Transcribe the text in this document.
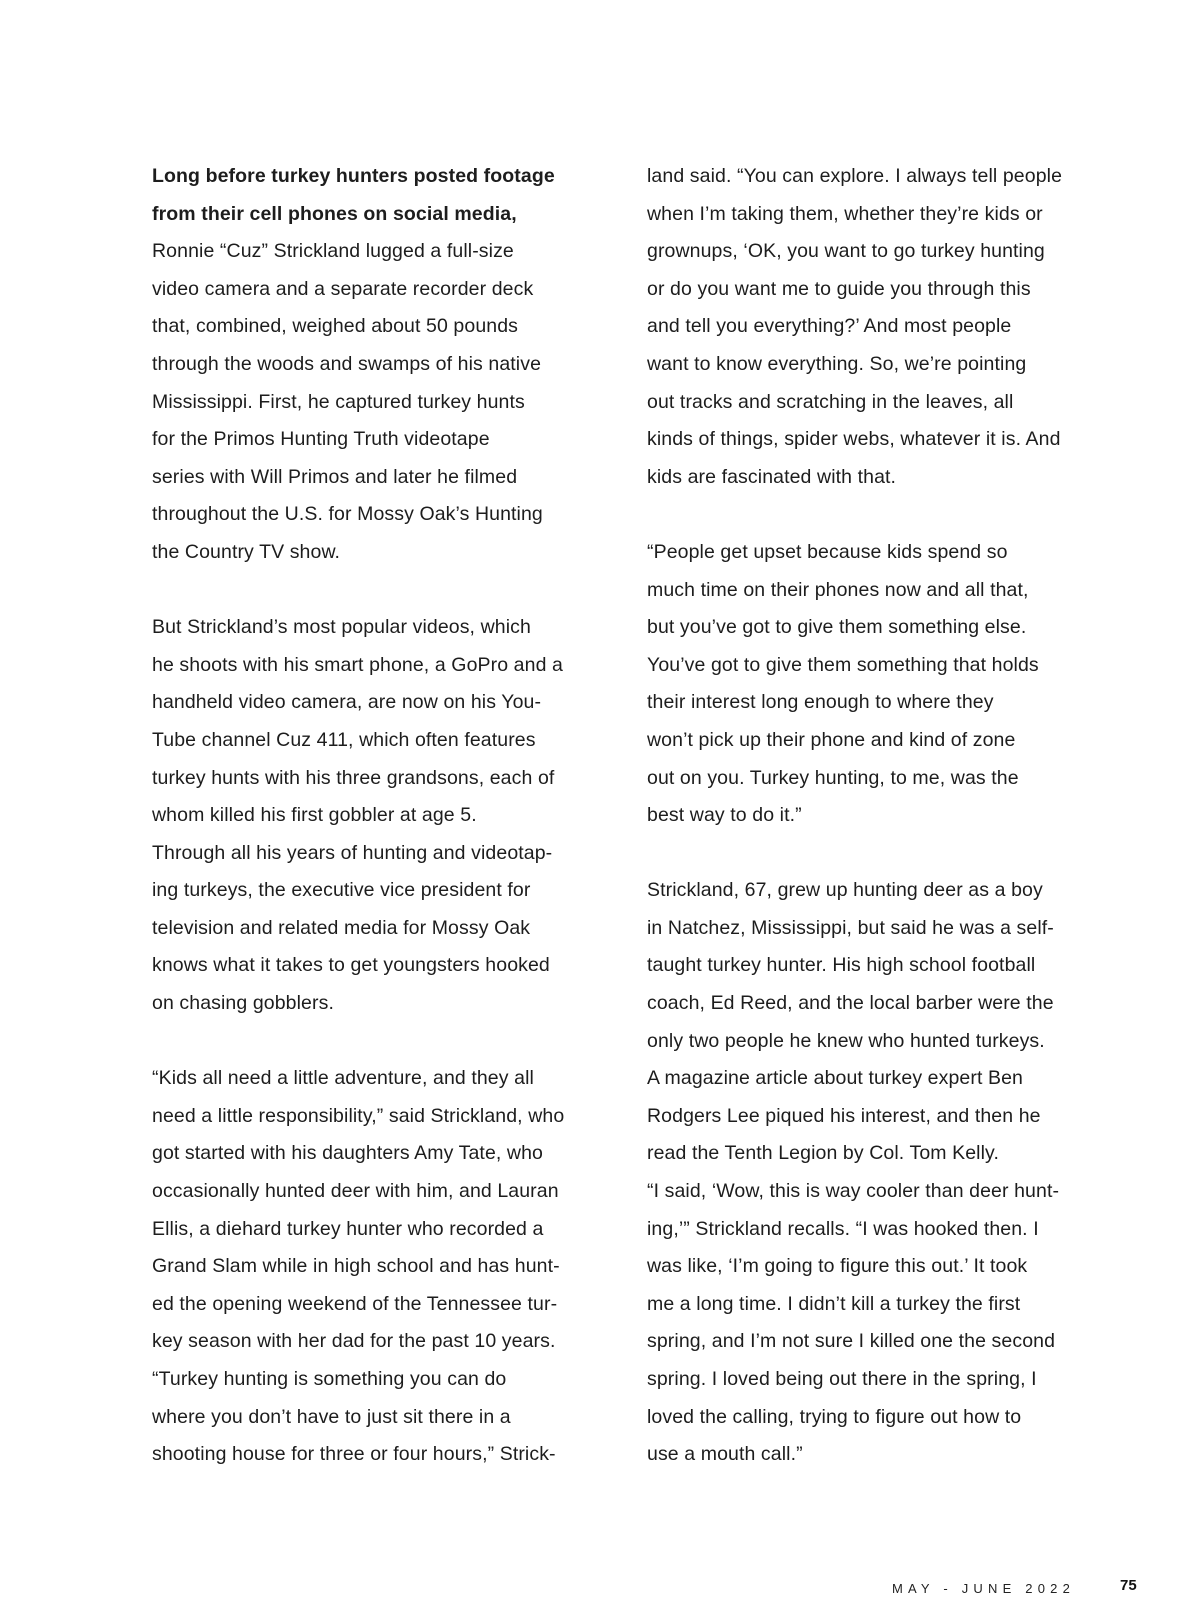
Long before turkey hunters posted footage
from their cell phones on social media,
Ronnie “Cuz” Strickland lugged a full-size
video camera and a separate recorder deck
that, combined, weighed about 50 pounds
through the woods and swamps of his native
Mississippi. First, he captured turkey hunts
for the Primos Hunting Truth videotape
series with Will Primos and later he filmed
throughout the U.S. for Mossy Oak’s Hunting
the Country TV show.
But Strickland’s most popular videos, which
he shoots with his smart phone, a GoPro and a
handheld video camera, are now on his You-
Tube channel Cuz 411, which often features
turkey hunts with his three grandsons, each of
whom killed his first gobbler at age 5.
Through all his years of hunting and videotap-
ing turkeys, the executive vice president for
television and related media for Mossy Oak
knows what it takes to get youngsters hooked
on chasing gobblers.
“Kids all need a little adventure, and they all
need a little responsibility,” said Strickland, who
got started with his daughters Amy Tate, who
occasionally hunted deer with him, and Lauran
Ellis, a diehard turkey hunter who recorded a
Grand Slam while in high school and has hunt-
ed the opening weekend of the Tennessee tur-
key season with her dad for the past 10 years.
“Turkey hunting is something you can do
where you don’t have to just sit there in a
shooting house for three or four hours,” Strick-
land said. “You can explore. I always tell people
when I’m taking them, whether they’re kids or
grownups, ‘OK, you want to go turkey hunting
or do you want me to guide you through this
and tell you everything?’ And most people
want to know everything. So, we’re pointing
out tracks and scratching in the leaves, all
kinds of things, spider webs, whatever it is. And
kids are fascinated with that.
“People get upset because kids spend so
much time on their phones now and all that,
but you’ve got to give them something else.
You’ve got to give them something that holds
their interest long enough to where they
won’t pick up their phone and kind of zone
out on you. Turkey hunting, to me, was the
best way to do it.”
Strickland, 67, grew up hunting deer as a boy
in Natchez, Mississippi, but said he was a self-
taught turkey hunter. His high school football
coach, Ed Reed, and the local barber were the
only two people he knew who hunted turkeys.
A magazine article about turkey expert Ben
Rodgers Lee piqued his interest, and then he
read the Tenth Legion by Col. Tom Kelly.
“I said, ‘Wow, this is way cooler than deer hunt-
ing,’” Strickland recalls. “I was hooked then. I
was like, ‘I’m going to figure this out.’ It took
me a long time. I didn’t kill a turkey the first
spring, and I’m not sure I killed one the second
spring. I loved being out there in the spring, I
loved the calling, trying to figure out how to
use a mouth call.”
MAY - JUNE 2022	75
